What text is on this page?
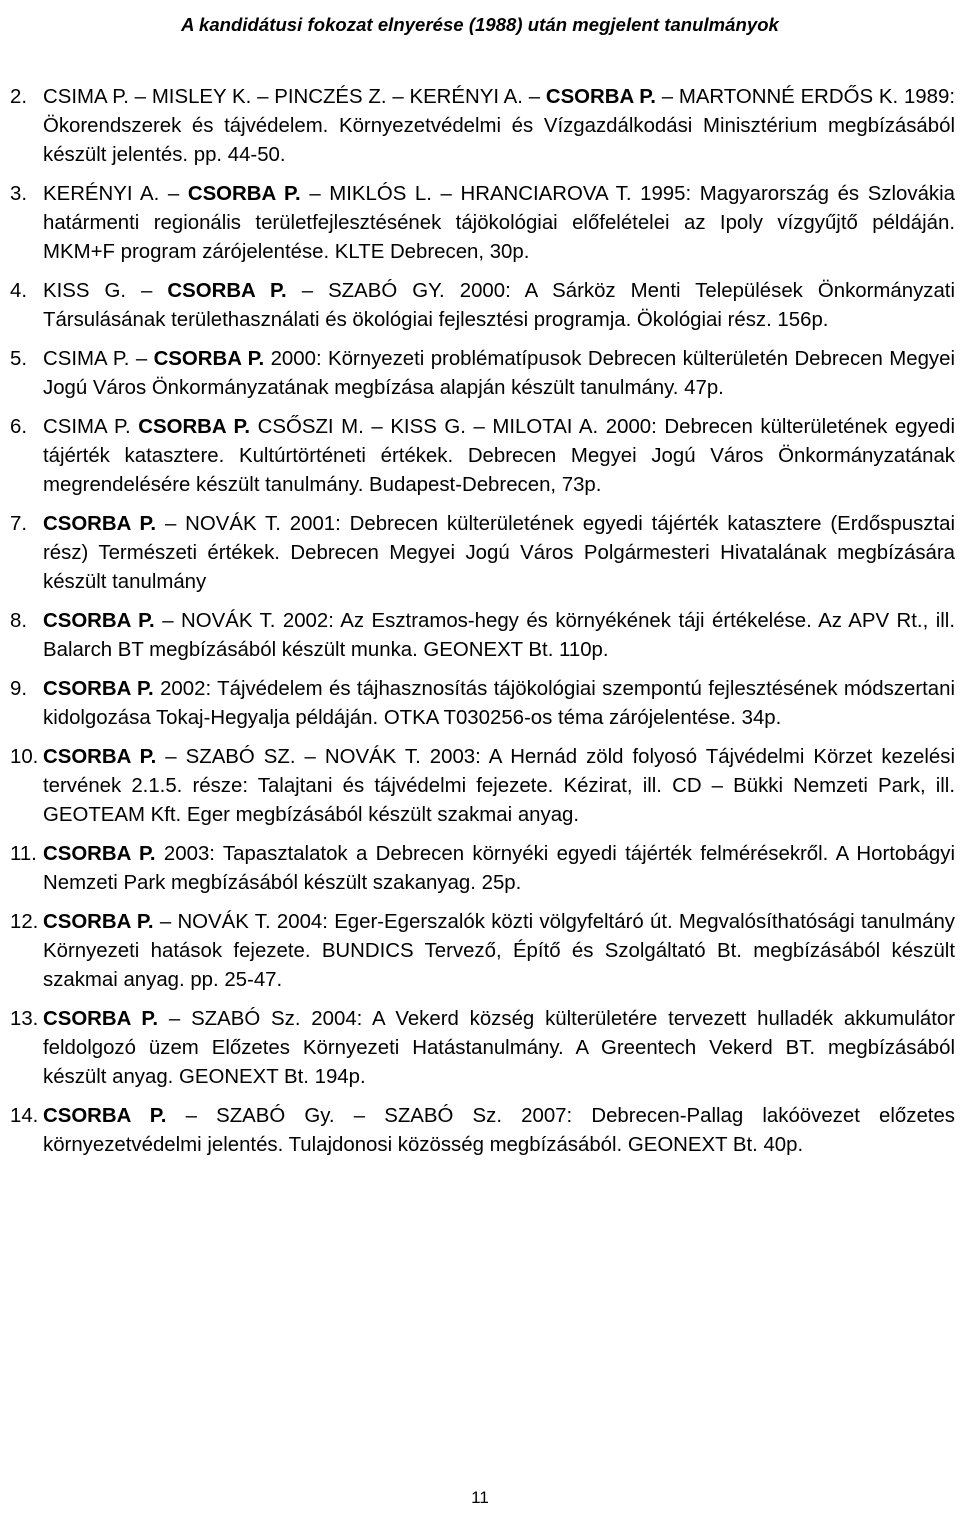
A kandidátusi fokozat elnyerése (1988) után megjelent tanulmányok
2. CSIMA P. – MISLEY K. – PINCZÉS Z. – KERÉNYI A. – CSORBA P. – MARTONNÉ ERDŐS K. 1989: Ökorendszerek és tájvédelem. Környezetvédelmi és Vízgazdálkodási Minisztérium megbízásából készült jelentés. pp. 44-50.
3. KERÉNYI A. – CSORBA P. – MIKLÓS L. – HRANCIAROVA T. 1995: Magyarország és Szlovákia határmenti regionális területfejlesztésének tájökológiai előfelételei az Ipoly vízgyűjtő példáján. MKM+F program zárójelentése. KLTE Debrecen, 30p.
4. KISS G. – CSORBA P. – SZABÓ GY. 2000: A Sárköz Menti Települések Önkormányzati Társulásának területhasználati és ökológiai fejlesztési programja. Ökológiai rész. 156p.
5. CSIMA P. – CSORBA P. 2000: Környezeti problématípusok Debrecen külterületén Debrecen Megyei Jogú Város Önkormányzatának megbízása alapján készült tanulmány. 47p.
6. CSIMA P. CSORBA P. CSŐSZI M. – KISS G. – MILOTAI A. 2000: Debrecen külterületének egyedi tájérték katasztere. Kultúrtörténeti értékek. Debrecen Megyei Jogú Város Önkormányzatának megrendelésére készült tanulmány. Budapest-Debrecen, 73p.
7. CSORBA P. – NOVÁK T. 2001: Debrecen külterületének egyedi tájérték katasztere (Erdőspusztai rész) Természeti értékek. Debrecen Megyei Jogú Város Polgármesteri Hivatalának megbízására készült tanulmány
8. CSORBA P. – NOVÁK T. 2002: Az Esztramos-hegy és környékének táji értékelése. Az APV Rt., ill. Balarch BT megbízásából készült munka. GEONEXT Bt. 110p.
9. CSORBA P. 2002: Tájvédelem és tájhasznosítás tájökológiai szempontú fejlesztésének módszertani kidolgozása Tokaj-Hegyalja példáján. OTKA T030256-os téma zárójelentése. 34p.
10. CSORBA P. – SZABÓ SZ. – NOVÁK T. 2003: A Hernád zöld folyosó Tájvédelmi Körzet kezelési tervének 2.1.5. része: Talajtani és tájvédelmi fejezete. Kézirat, ill. CD – Bükki Nemzeti Park, ill. GEOTEAM Kft. Eger megbízásából készült szakmai anyag.
11. CSORBA P. 2003: Tapasztalatok a Debrecen környéki egyedi tájérték felmérésekről. A Hortobágyi Nemzeti Park megbízásából készült szakanyag. 25p.
12. CSORBA P. – NOVÁK T. 2004: Eger-Egerszalók közti völgyfeltáró út. Megvalósíthatósági tanulmány Környezeti hatások fejezete. BUNDICS Tervező, Építő és Szolgáltató Bt. megbízásából készült szakmai anyag. pp. 25-47.
13. CSORBA P. – SZABÓ Sz. 2004: A Vekerd község külterületére tervezett hulladék akkumulátor feldolgozó üzem Előzetes Környezeti Hatástanulmány. A Greentech Vekerd BT. megbízásából készült anyag. GEONEXT Bt. 194p.
14. CSORBA P. – SZABÓ Gy. – SZABÓ Sz. 2007: Debrecen-Pallag lakóövezet előzetes környezetvédelmi jelentés. Tulajdonosi közösség megbízásából. GEONEXT Bt. 40p.
11
